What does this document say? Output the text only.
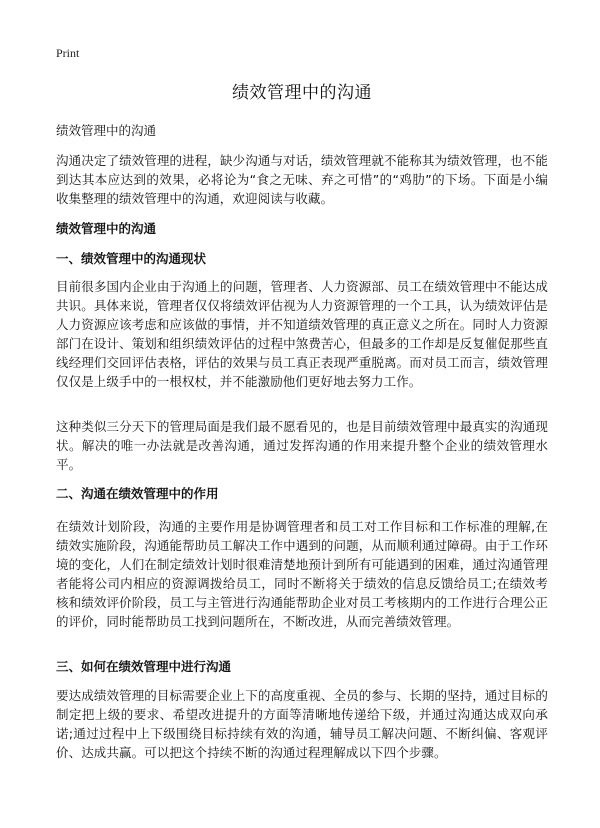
Print
绩效管理中的沟通

绩效管理中的沟通

沟通决定了绩效管理的进程，缺少沟通与对话，绩效管理就不能称其为绩效管理，也不能到达其本应达到的效果，必将论为“食之无味、弃之可惜”的“鸡肋”的下场。下面是小编收集整理的绩效管理中的沟通，欢迎阅读与收藏。

绩效管理中的沟通
一、绩效管理中的沟通现状

目前很多国内企业由于沟通上的问题，管理者、人力资源部、员工在绩效管理中不能达成共识。具体来说，管理者仅仅将绩效评估视为人力资源管理的一个工具，认为绩效评估是人力资源应该考虑和应该做的事情，并不知道绩效管理的真正意义之所在。同时人力资源部门在设计、策划和组织绩效评估的过程中煞费苦心，但最多的工作却是反复催促那些直线经理们交回评估表格，评估的效果与员工真正表现严重脱离。而对员工而言，绩效管理仅仅是上级手中的一根权杖，并不能激励他们更好地去努力工作。

这种类似三分天下的管理局面是我们最不愿看见的，也是目前绩效管理中最真实的沟通现状。解决的唯一办法就是改善沟通，通过发挥沟通的作用来提升整个企业的绩效管理水平。

二、沟通在绩效管理中的作用

在绩效计划阶段，沟通的主要作用是协调管理者和员工对工作目标和工作标准的理解,在绩效实施阶段，沟通能帮助员工解决工作中遇到的问题，从而顺利通过障碍。由于工作环境的变化，人们在制定绩效计划时很难清楚地预计到所有可能遇到的困难，通过沟通管理者能将公司内相应的资源调拨给员工，同时不断将关于绩效的信息反馈给员工;在绩效考核和绩效评价阶段，员工与主管进行沟通能帮助企业对员工考核期内的工作进行合理公正的评价，同时能帮助员工找到问题所在，不断改进，从而完善绩效管理。

三、如何在绩效管理中进行沟通

要达成绩效管理的目标需要企业上下的高度重视、全员的参与、长期的坚持，通过目标的制定把上级的要求、希望改进提升的方面等清晰地传递给下级，并通过沟通达成双向承诺;通过过程中上下级围绕目标持续有效的沟通，辅导员工解决问题、不断纠偏、客观评价、达成共赢。可以把这个持续不断的沟通过程理解成以下四个步骤。
